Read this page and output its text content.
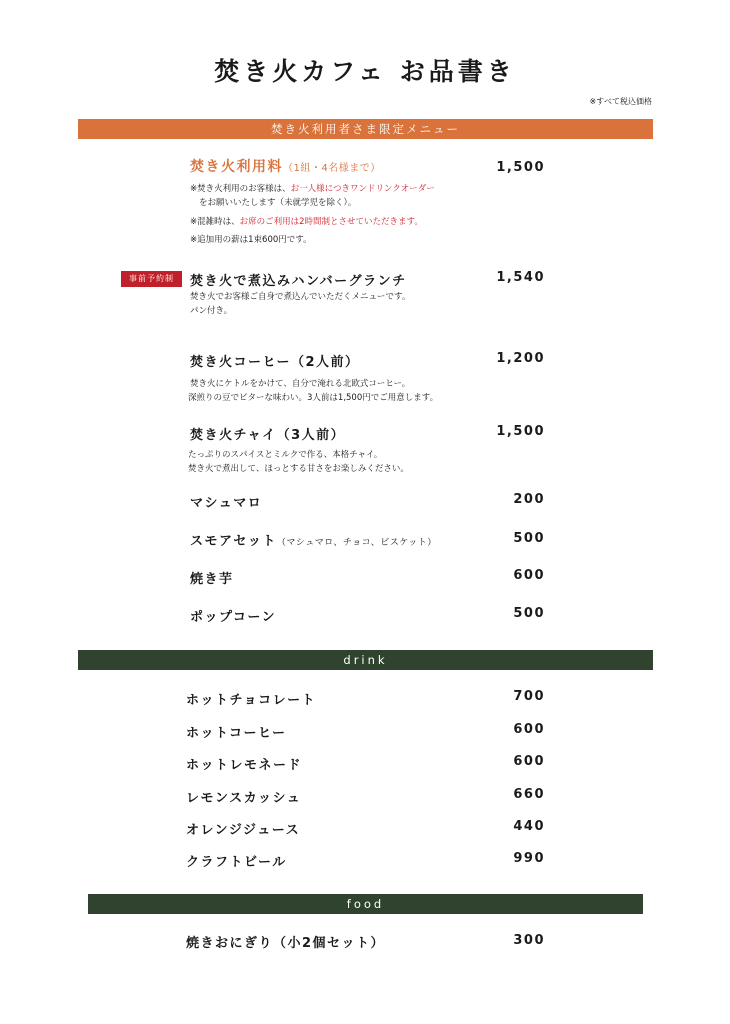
焚き火カフェ お品書き
※すべて税込価格
焚き火利用者さま限定メニュー
焚き火利用料（1組・4名様まで）	1,500
※焚き火利用のお客様は、お一人様につきワンドリンクオーダー
をお願いいたします（未就学児を除く）。
※混雑時は、お席のご利用は2時間制とさせていただきます。
※追加用の薪は1束600円です。
事前予約制	焚き火で煮込みハンバーグランチ	1,540
焚き火でお客様ご自身で煮込んでいただくメニューです。
パン付き。
焚き火コーヒー（2人前）	1,200
焚き火にケトルをかけて、自分で淹れる北欧式コーヒー。
深煎りの豆でビターな味わい。3人前は1,500円でご用意します。
焚き火チャイ（3人前）	1,500
たっぷりのスパイスとミルクで作る、本格チャイ。
焚き火で煮出して、ほっとする甘さをお楽しみください。
マシュマロ	200
スモアセット（マシュマロ、チョコ、ビスケット）	500
焼き芋	600
ポップコーン	500
drink
ホットチョコレート	700
ホットコーヒー	600
ホットレモネード	600
レモンスカッシュ	660
オレンジジュース	440
クラフトビール	990
food
焼きおにぎり（小2個セット）	300
